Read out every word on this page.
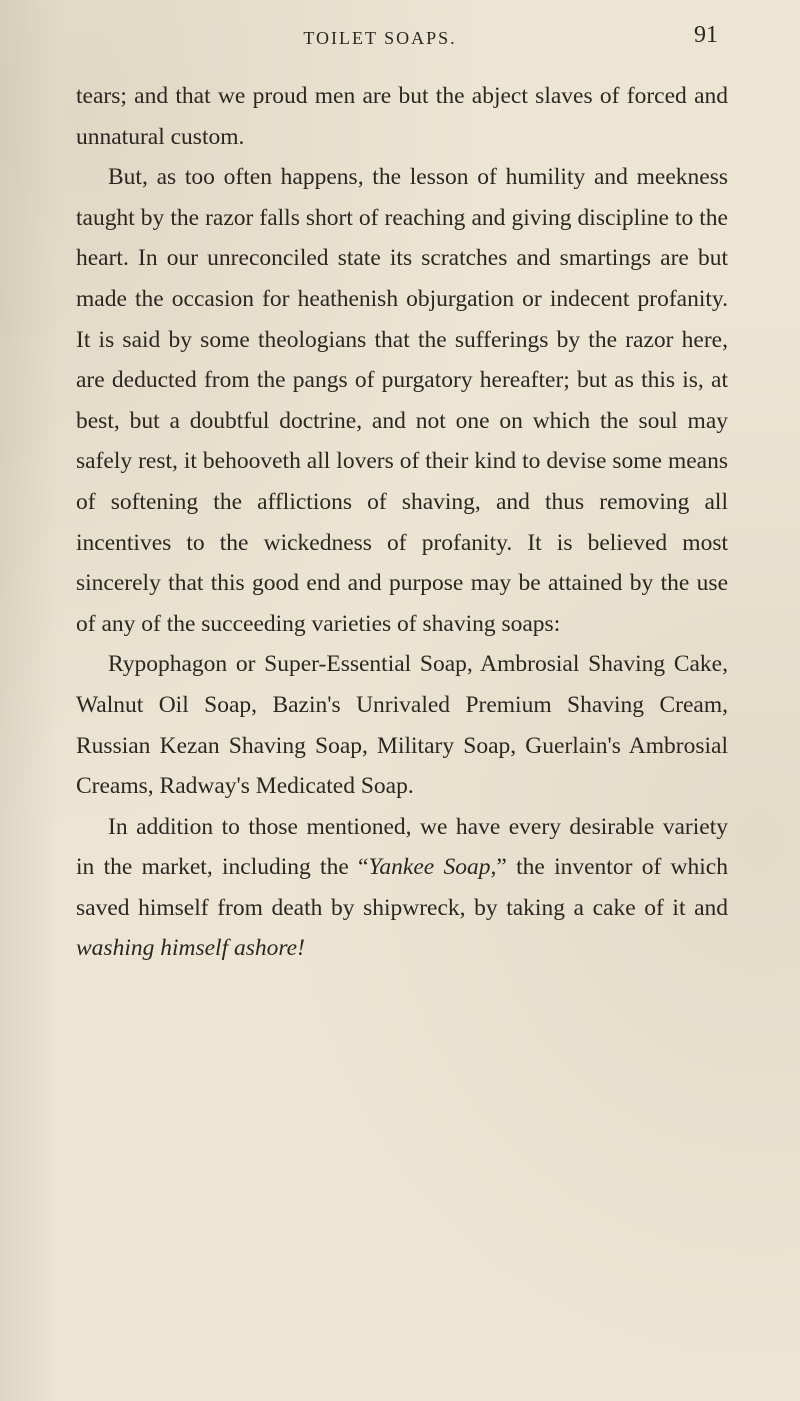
TOILET SOAPS.	91

tears; and that we proud men are but the abject slaves of forced and unnatural custom.

But, as too often happens, the lesson of humility and meekness taught by the razor falls short of reaching and giving discipline to the heart. In our unreconciled state its scratches and smartings are but made the occasion for heathenish objurgation or indecent profanity. It is said by some theologians that the sufferings by the razor here, are deducted from the pangs of purgatory hereafter; but as this is, at best, but a doubtful doctrine, and not one on which the soul may safely rest, it behooveth all lovers of their kind to devise some means of softening the afflictions of shaving, and thus removing all incentives to the wickedness of profanity. It is believed most sincerely that this good end and purpose may be attained by the use of any of the succeeding varieties of shaving soaps:

Rypophagon or Super-Essential Soap, Ambrosial Shaving Cake, Walnut Oil Soap, Bazin's Unrivaled Premium Shaving Cream, Russian Kezan Shaving Soap, Military Soap, Guerlain's Ambrosial Creams, Radway's Medicated Soap.

In addition to those mentioned, we have every desirable variety in the market, including the “Yankee Soap,” the inventor of which saved himself from death by shipwreck, by taking a cake of it and washing himself ashore!
